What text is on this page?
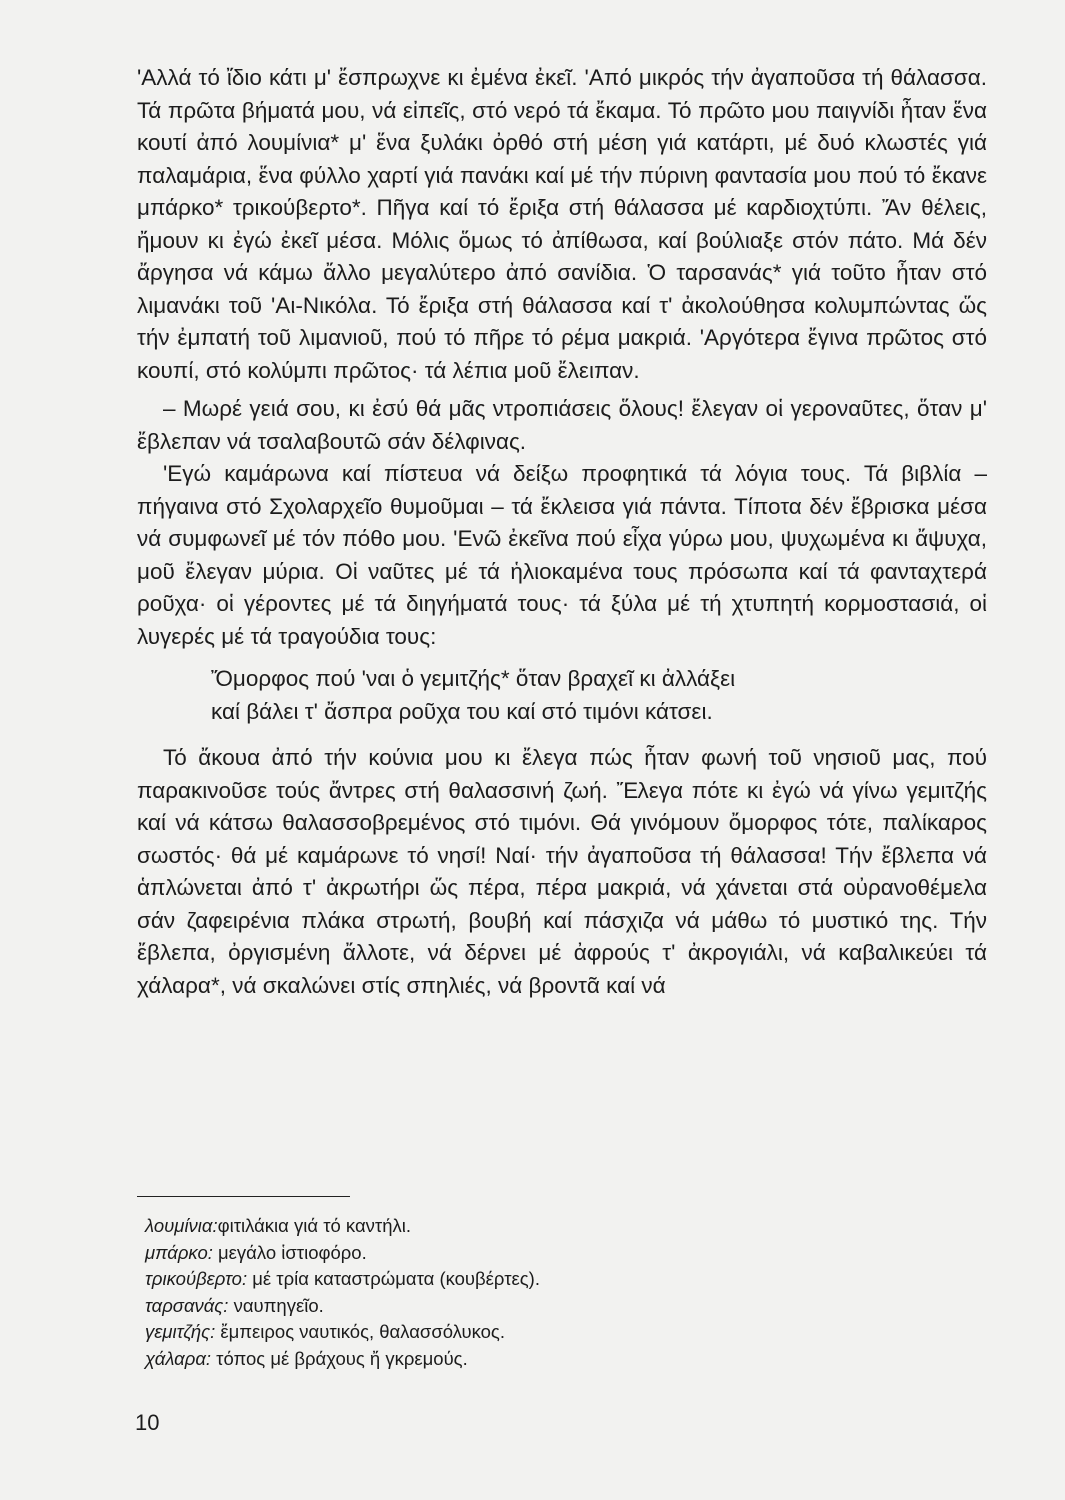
'Αλλά τό ἴδιο κάτι μ' ἔσπρωχνε κι ἐμένα ἐκεῖ. 'Από μικρός τήν ἀγαποῦσα τή θάλασσα. Τά πρῶτα βήματά μου, νά εἰπεῖς, στό νερό τά ἔκαμα. Τό πρῶτο μου παιγνίδι ἦταν ἕνα κουτί ἀπό λουμίνια* μ' ἕνα ξυλάκι ὀρθό στή μέση γιά κατάρτι, μέ δυό κλωστές γιά παλαμάρια, ἕνα φύλλο χαρτί γιά πανάκι καί μέ τήν πύρινη φαντασία μου πού τό ἔκανε μπάρκο* τρικούβερτο*. Πῆγα καί τό ἔριξα στή θάλασσα μέ καρδιοχτύπι. Ἄν θέλεις, ἤμουν κι ἐγώ ἐκεῖ μέσα. Μόλις ὅμως τό ἀπίθωσα, καί βούλιαξε στόν πάτο. Μά δέν ἄργησα νά κάμω ἄλλο μεγαλύτερο ἀπό σανίδια. Ὁ ταρσανάς* γιά τοῦτο ἦταν στό λιμανάκι τοῦ 'Αι-Νικόλα. Τό ἔριξα στή θάλασσα καί τ' ἀκολούθησα κολυμπώντας ὥς τήν ἐμπατή τοῦ λιμανιοῦ, πού τό πῆρε τό ρέμα μακριά. 'Αργότερα ἔγινα πρῶτος στό κουπί, στό κολύμπι πρῶτος· τά λέπια μοῦ ἔλειπαν.

– Μωρέ γειά σου, κι ἐσύ θά μᾶς ντροπιάσεις ὅλους! ἔλεγαν οἱ γεροναῦτες, ὅταν μ' ἔβλεπαν νά τσαλαβουτῶ σάν δέλφινας.

'Εγώ καμάρωνα καί πίστευα νά δείξω προφητικά τά λόγια τους. Τά βιβλία – πήγαινα στό Σχολαρχεῖο θυμοῦμαι – τά ἔκλεισα γιά πάντα. Τίποτα δέν ἔβρισκα μέσα νά συμφωνεῖ μέ τόν πόθο μου. 'Ενῶ ἐκεῖνα πού εἶχα γύρω μου, ψυχωμένα κι ἄψυχα, μοῦ ἔλεγαν μύρια. Οἱ ναῦτες μέ τά ἡλιοκαμένα τους πρόσωπα καί τά φανταχτερά ροῦχα· οἱ γέροντες μέ τά διηγήματά τους· τά ξύλα μέ τή χτυπητή κορμοστασιά, οἱ λυγερές μέ τά τραγούδια τους:

Ὄμορφος πού 'ναι ὁ γεμιτζής* ὅταν βραχεῖ κι ἀλλάξει
καί βάλει τ' ἄσπρα ροῦχα του καί στό τιμόνι κάτσει.

Τό ἄκουα ἀπό τήν κούνια μου κι ἔλεγα πώς ἦταν φωνή τοῦ νησιοῦ μας, πού παρακινοῦσε τούς ἄντρες στή θαλασσινή ζωή. Ἔλεγα πότε κι ἐγώ νά γίνω γεμιτζής καί νά κάτσω θαλασσοβρεμένος στό τιμόνι. Θά γινόμουν ὄμορφος τότε, παλίκαρος σωστός· θά μέ καμάρωνε τό νησί! Ναί· τήν ἀγαποῦσα τή θάλασσα! Τήν ἔβλεπα νά ἁπλώνεται ἀπό τ' ἀκρωτήρι ὥς πέρα, πέρα μακριά, νά χάνεται στά οὐρανοθέμελα σάν ζαφειρένια πλάκα στρωτή, βουβή καί πάσχιζα νά μάθω τό μυστικό της. Τήν ἔβλεπα, ὀργισμένη ἄλλοτε, νά δέρνει μέ ἀφρούς τ' ἀκρογιάλι, νά καβαλικεύει τά χάλαρα*, νά σκαλώνει στίς σπηλιές, νά βροντᾶ καί νά

λουμίνια:φιτιλάκια γιά τό καντήλι.
μπάρκο: μεγάλο ἱστιοφόρο.
τρικούβερτο: μέ τρία καταστρώματα (κουβέρτες).
ταρσανάς: ναυπηγεῖο.
γεμιτζής: ἔμπειρος ναυτικός, θαλασσόλυκος.
χάλαρα: τόπος μέ βράχους ἤ γκρεμούς.
10
